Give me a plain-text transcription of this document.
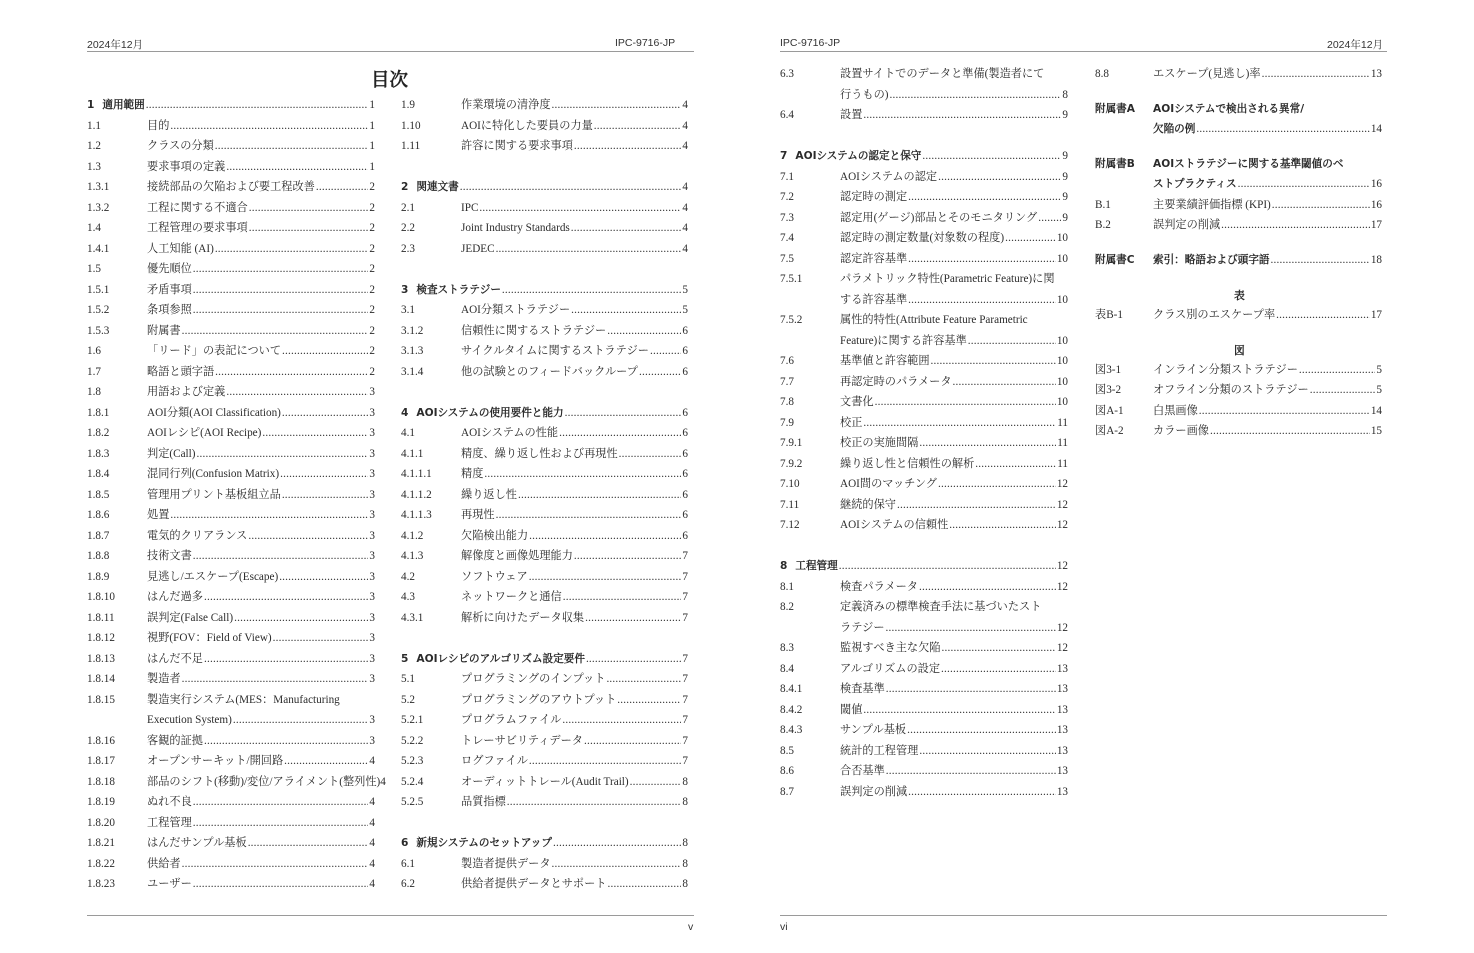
2024年12月	IPC-9716-JP	IPC-9716-JP	2024年12月
目次
1 適用範囲 .....	1
1.1	目的 .....	1
1.2	クラスの分類 .....	1
1.3	要求事項の定義 .....	1
1.3.1	接続部品の欠陥および要工程改善 .....	2
1.3.2	工程に関する不適合 .....	2
1.4	工程管理の要求事項 .....	2
1.4.1	人工知能 (AI) .....	2
1.5	優先順位 .....	2
1.5.1	矛盾事項 .....	2
1.5.2	条項参照 .....	2
1.5.3	附属書 .....	2
1.6	「リード」の表記について .....	2
1.7	略語と頭字語 .....	2
1.8	用語および定義 .....	3
1.8.1	AOI分類(AOI Classification) .....	3
1.8.2	AOIレシピ(AOI Recipe) .....	3
1.8.3	判定(Call) .....	3
1.8.4	混同行列(Confusion Matrix) .....	3
1.8.5	管理用プリント基板組立品 .....	3
1.8.6	処置 .....	3
1.8.7	電気的クリアランス .....	3
1.8.8	技術文書 .....	3
1.8.9	見逃し/エスケープ(Escape) .....	3
1.8.10	はんだ過多 .....	3
1.8.11	誤判定(False Call) .....	3
1.8.12	視野(FOV：Field of View) .....	3
1.8.13	はんだ不足 .....	3
1.8.14	製造者 .....	3
1.8.15	製造実行システム(MES：Manufacturing
Execution System) .....	3
1.8.16	客観的証拠 .....	3
1.8.17	オープンサーキット/開回路 .....	4
1.8.18	部品のシフト(移動)/変位/アライメント(整列性) 4
1.8.19	ぬれ不良 .....	4
1.8.20	工程管理 .....	4
1.8.21	はんだサンプル基板 .....	4
1.8.22	供給者 .....	4
1.8.23	ユーザー .....	4
1.9	作業環境の清浄度 .....	4
1.10	AOIに特化した要員の力量 .....	4
1.11	許容に関する要求事項 .....	4
2 関連文書 .....	4
2.1	IPC .....	4
2.2	Joint Industry Standards .....	4
2.3	JEDEC .....	4
3 検査ストラテジー .....	5
3.1	AOI分類ストラテジー .....	5
3.1.2	信頼性に関するストラテジー .....	6
3.1.3	サイクルタイムに関するストラテジー .....	6
3.1.4	他の試験とのフィードバックループ .....	6
4 AOIシステムの使用要件と能力 .....	6
4.1	AOIシステムの性能 .....	6
4.1.1	精度、繰り返し性および再現性 .....	6
4.1.1.1	精度 .....	6
4.1.1.2	繰り返し性 .....	6
4.1.1.3	再現性 .....	6
4.1.2	欠陥検出能力 .....	6
4.1.3	解像度と画像処理能力 .....	7
4.2	ソフトウェア .....	7
4.3	ネットワークと通信 .....	7
4.3.1	解析に向けたデータ収集 .....	7
5 AOIレシピのアルゴリズム設定要件 .....	7
5.1	プログラミングのインプット .....	7
5.2	プログラミングのアウトプット .....	7
5.2.1	プログラムファイル .....	7
5.2.2	トレーサビリティデータ .....	7
5.2.3	ログファイル .....	7
5.2.4	オーディットトレール(Audit Trail) .....	8
5.2.5	品質指標 .....	8
6 新規システムのセットアップ .....	8
6.1	製造者提供データ .....	8
6.2	供給者提供データとサポート .....	8
6.3	設置サイトでのデータと準備(製造者にて
行うもの) .....	8
6.4	設置 .....	9
7 AOIシステムの認定と保守 .....	9
7.1	AOIシステムの認定 .....	9
7.2	認定時の測定 .....	9
7.3	認定用(ゲージ)部品とそのモニタリング ..... 9
7.4	認定時の測定数量(対象数の程度) .....	10
7.5	認定許容基準 .....	10
7.5.1	パラメトリック特性(Parametric Feature)に関
する許容基準 .....	10
7.5.2	属性的特性(Attribute Feature Parametric
Feature)に関する許容基準 .....	10
7.6	基準値と許容範囲 .....	10
7.7	再認定時のパラメータ .....	10
7.8	文書化 .....	10
7.9	校正 .....	11
7.9.1	校正の実施間隔 .....	11
7.9.2	繰り返し性と信頼性の解析 .....	11
7.10	AOI間のマッチング .....	12
7.11	継続的保守 .....	12
7.12	AOIシステムの信頼性 .....	12
8 工程管理 .....	12
8.1	検査パラメータ .....	12
8.2	定義済みの標準検査手法に基づいたスト
ラテジー .....	12
8.3	監視すべき主な欠陥 .....	12
8.4	アルゴリズムの設定 .....	13
8.4.1	検査基準 .....	13
8.4.2	閾値 .....	13
8.4.3	サンプル基板 .....	13
8.5	統計的工程管理 .....	13
8.6	合否基準 .....	13
8.7	誤判定の削減 .....	13
8.8	エスケープ(見逃し)率 .....	13
附属書A AOIシステムで検出される異常/
欠陥の例 .....	14
附属書B AOIストラテジーに関する基準閾値のベ
ストプラクティス .....	16
B.1	主要業績評価指標 (KPI) .....	16
B.2	誤判定の削減 .....	17
附属書C 索引：略語および頭字語 .....	18
表
表B-1	クラス別のエスケープ率 .....	17
図
図3-1	インライン分類ストラテジー .....	5
図3-2	オフライン分類のストラテジー .....	5
図A-1	白黒画像 .....	14
図A-2	カラー画像 .....	15
v	vi
